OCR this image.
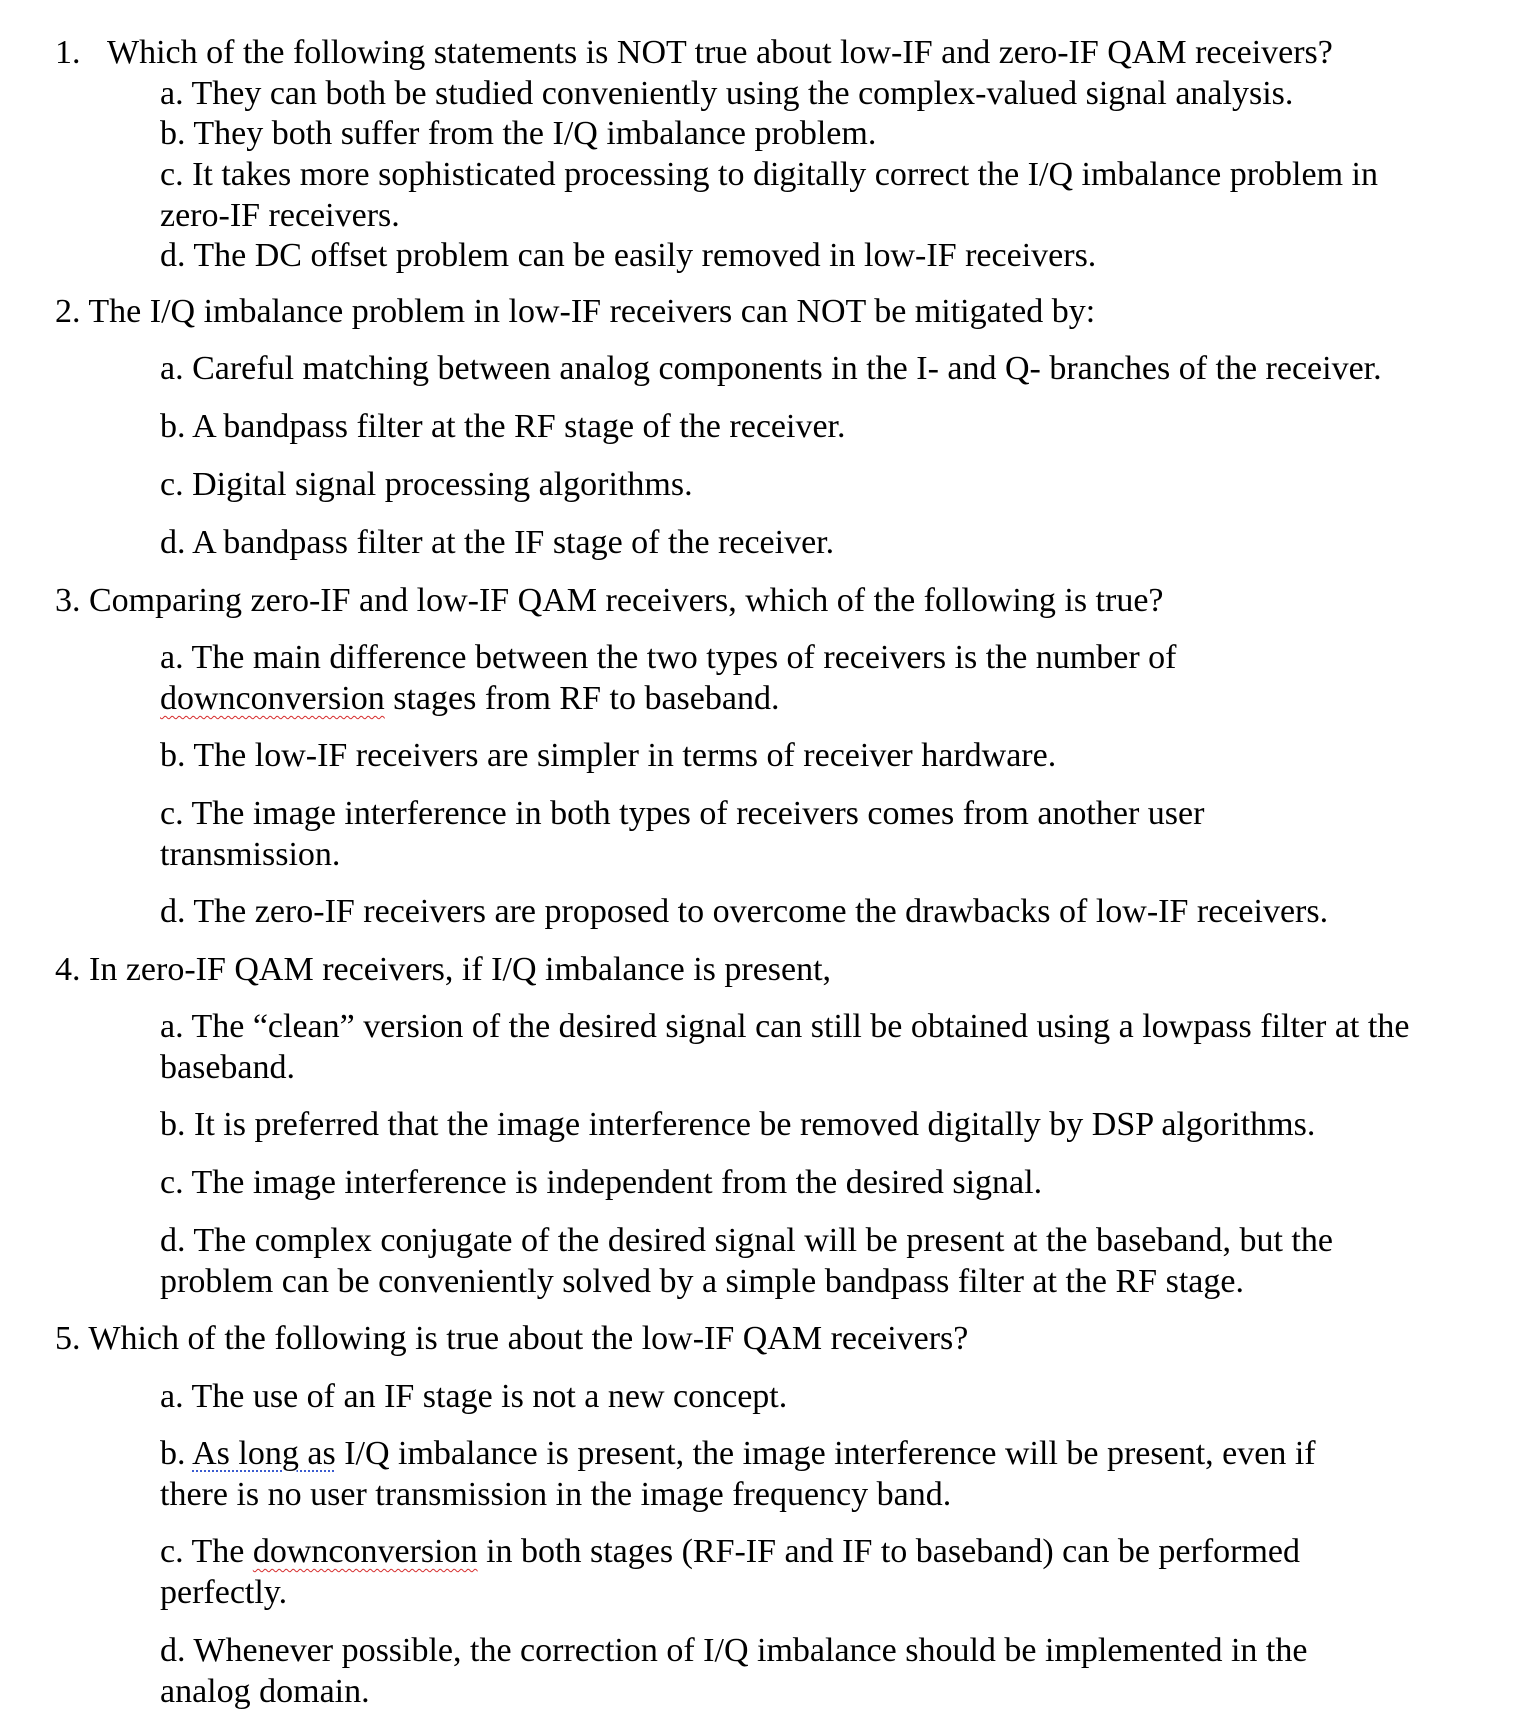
1. Which of the following statements is NOT true about low-IF and zero-IF QAM receivers?
a. They can both be studied conveniently using the complex-valued signal analysis.
b. They both suffer from the I/Q imbalance problem.
c. It takes more sophisticated processing to digitally correct the I/Q imbalance problem in zero-IF receivers.
d. The DC offset problem can be easily removed in low-IF receivers.
2. The I/Q imbalance problem in low-IF receivers can NOT be mitigated by:
a. Careful matching between analog components in the I- and Q- branches of the receiver.
b. A bandpass filter at the RF stage of the receiver.
c. Digital signal processing algorithms.
d. A bandpass filter at the IF stage of the receiver.
3. Comparing zero-IF and low-IF QAM receivers, which of the following is true?
a. The main difference between the two types of receivers is the number of downconversion stages from RF to baseband.
b. The low-IF receivers are simpler in terms of receiver hardware.
c. The image interference in both types of receivers comes from another user transmission.
d. The zero-IF receivers are proposed to overcome the drawbacks of low-IF receivers.
4. In zero-IF QAM receivers, if I/Q imbalance is present,
a. The “clean” version of the desired signal can still be obtained using a lowpass filter at the baseband.
b. It is preferred that the image interference be removed digitally by DSP algorithms.
c. The image interference is independent from the desired signal.
d. The complex conjugate of the desired signal will be present at the baseband, but the problem can be conveniently solved by a simple bandpass filter at the RF stage.
5. Which of the following is true about the low-IF QAM receivers?
a. The use of an IF stage is not a new concept.
b. As long as I/Q imbalance is present, the image interference will be present, even if there is no user transmission in the image frequency band.
c. The downconversion in both stages (RF-IF and IF to baseband) can be performed perfectly.
d. Whenever possible, the correction of I/Q imbalance should be implemented in the analog domain.
